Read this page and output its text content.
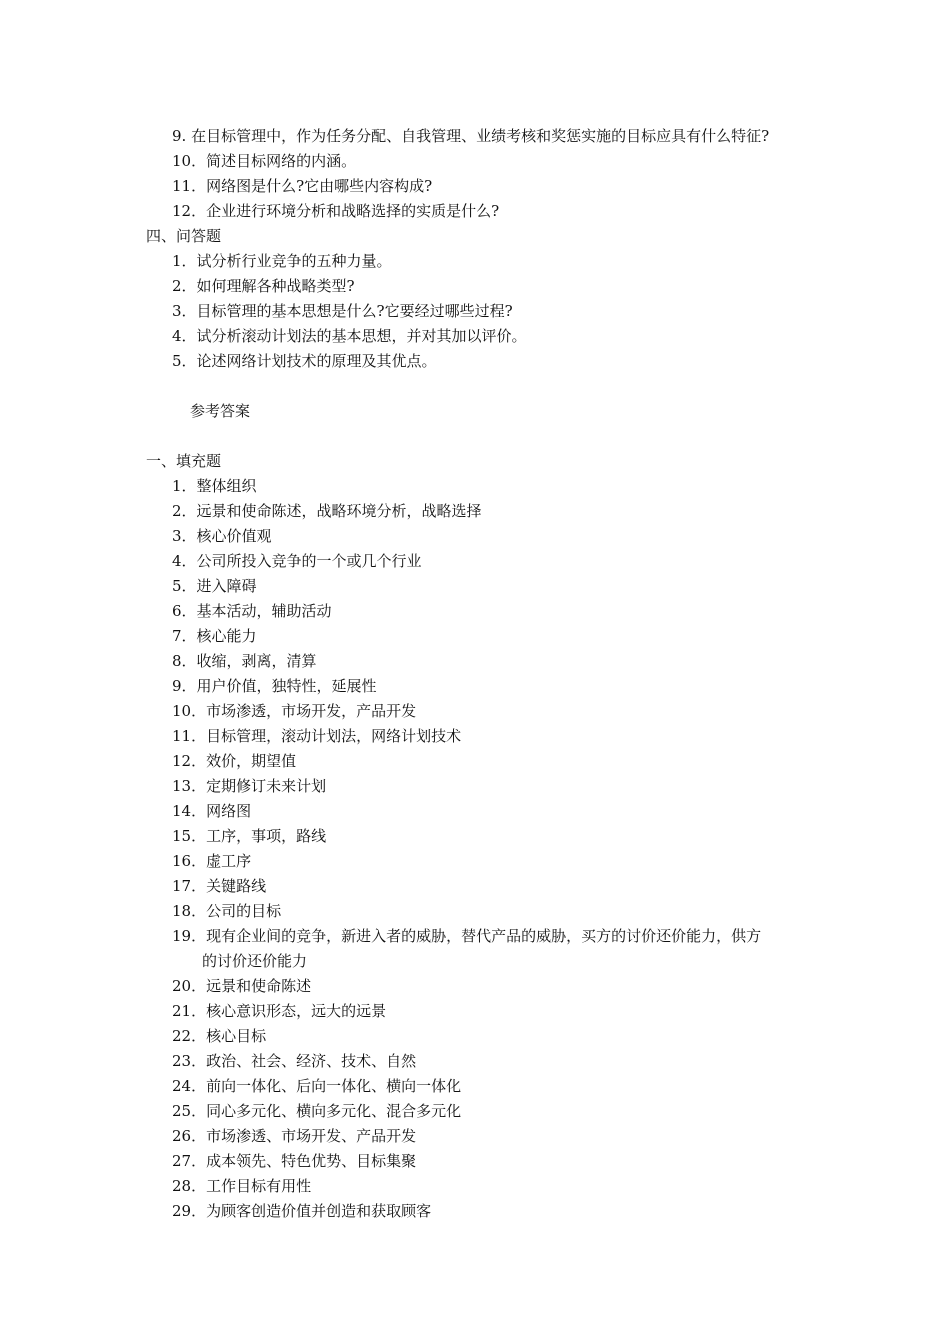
9. 在目标管理中，作为任务分配、自我管理、业绩考核和奖惩实施的目标应具有什么特征?
10．简述目标网络的内涵。
11．网络图是什么?它由哪些内容构成?
12．企业进行环境分析和战略选择的实质是什么?
四、问答题
1．试分析行业竞争的五种力量。
2．如何理解各种战略类型?
3．目标管理的基本思想是什么?它要经过哪些过程?
4．试分析滚动计划法的基本思想，并对其加以评价。
5．论述网络计划技术的原理及其优点。
参考答案
一、填充题
1．整体组织
2．远景和使命陈述，战略环境分析，战略选择
3．核心价值观
4．公司所投入竞争的一个或几个行业
5．进入障碍
6．基本活动，辅助活动
7．核心能力
8．收缩，剥离，清算
9．用户价值，独特性，延展性
10．市场渗透，市场开发，产品开发
11．目标管理，滚动计划法，网络计划技术
12．效价，期望值
13．定期修订未来计划
14．网络图
15．工序，事项，路线
16．虚工序
17．关键路线
18．公司的目标
19．现有企业间的竞争，新进入者的威胁，替代产品的威胁，买方的讨价还价能力，供方
的讨价还价能力
20．远景和使命陈述
21．核心意识形态，远大的远景
22．核心目标
23．政治、社会、经济、技术、自然
24．前向一体化、后向一体化、横向一体化
25．同心多元化、横向多元化、混合多元化
26．市场渗透、市场开发、产品开发
27．成本领先、特色优势、目标集聚
28．工作目标有用性
29．为顾客创造价值并创造和获取顾客
